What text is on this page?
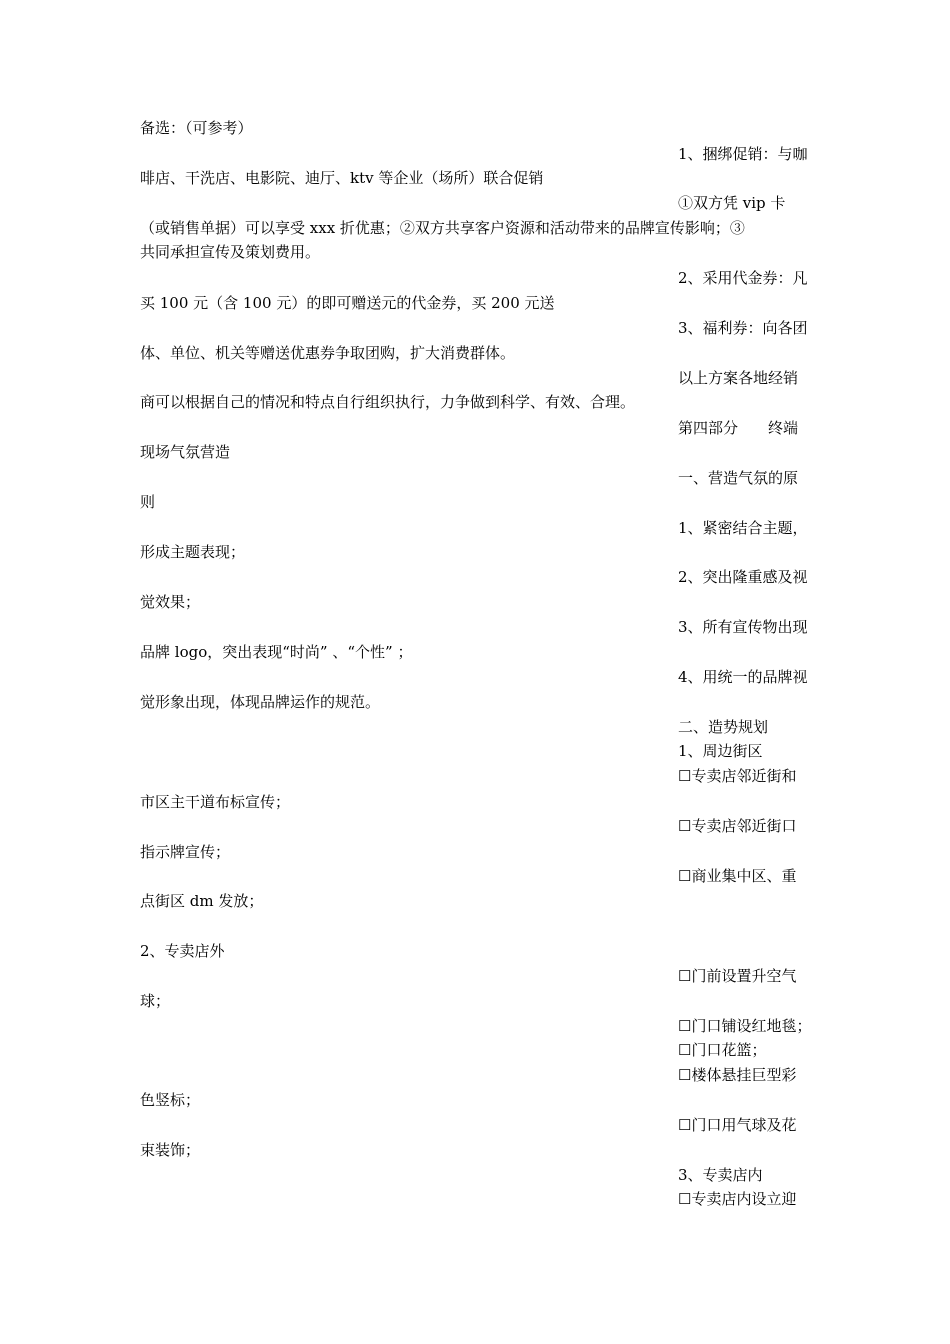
备选：（可参考）
1、捆绑促销：与咖
啡店、干洗店、电影院、迪厅、ktv 等企业（场所）联合促销
①双方凭 vip 卡
（或销售单据）可以享受 xxx 折优惠；②双方共享客户资源和活动带来的品牌宣传影响；③
共同承担宣传及策划费用。
2、采用代金券：凡
买 100 元（含 100 元）的即可赠送元的代金券，买 200 元送
3、福利券：向各团
体、单位、机关等赠送优惠券争取团购，扩大消费群体。
以上方案各地经销
商可以根据自己的情况和特点自行组织执行，力争做到科学、有效、合理。
第四部分　　终端
现场气氛营造
一、营造气氛的原
则
1、紧密结合主题，
形成主题表现；
2、突出隆重感及视
觉效果；
3、所有宣传物出现
品牌 logo，突出表现“时尚” 、“个性” ；
4、用统一的品牌视
觉形象出现，体现品牌运作的规范。
二、造势规划
1、周边街区
☐专卖店邻近街和
市区主干道布标宣传；
☐专卖店邻近街口
指示牌宣传；
☐商业集中区、重
点街区 dm 发放；
2、专卖店外
☐门前设置升空气
球；
☐门口铺设红地毯；
☐门口花篮；
☐楼体悬挂巨型彩
色竖标；
☐门口用气球及花
束装饰；
3、专卖店内
☐专卖店内设立迎
